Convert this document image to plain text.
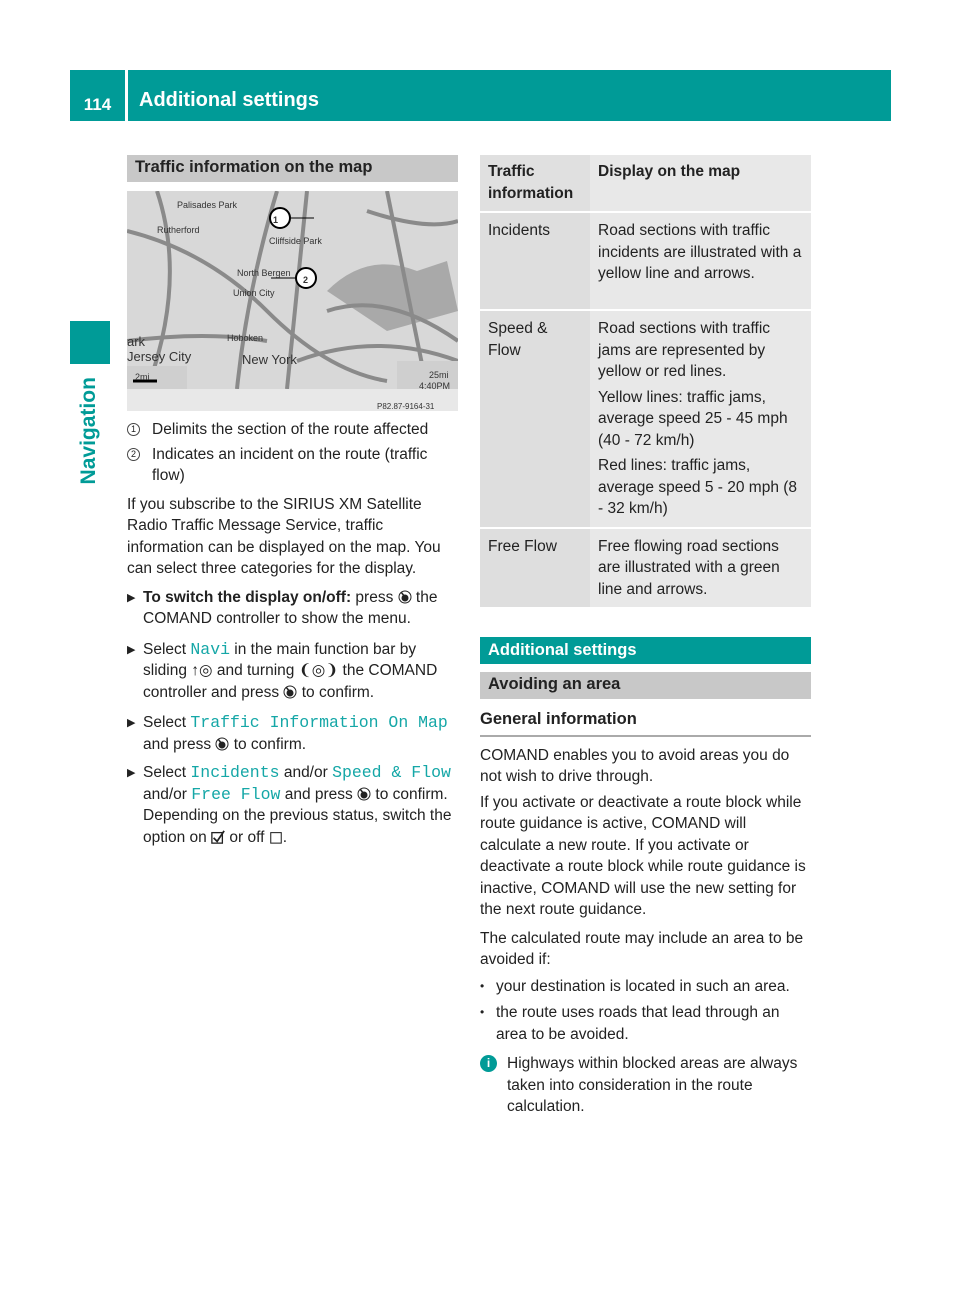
114	Additional settings
Navigation
Traffic information on the map
Palisades Park
Rutherford
Cliffside Park
North Bergen
Union City
Hoboken
Jersey City	New York
ark
2mi	25mi
4:40PM
1
2
P82.87-9164-31
1 Delimits the section of the route affected
2 Indicates an incident on the route (traffic flow)

If you subscribe to the SIRIUS XM Satellite Radio Traffic Message Service, traffic information can be displayed on the map. You can select three categories for the display.

▶ To switch the display on/off: press  the COMAND controller to show the menu.
▶ Select Navi in the main function bar by sliding ↑◎ and turning ❨◎❩ the COMAND controller and press  to confirm.
▶ Select Traffic Information On Map and press  to confirm.
▶ Select Incidents and/or Speed & Flow and/or Free Flow and press  to confirm.
Depending on the previous status, switch the option on  or off .
Traffic information	Display on the map
Incidents	Road sections with traffic incidents are illustrated with a yellow line and arrows.
Speed & Flow	Road sections with traffic jams are represented by yellow or red lines.
Yellow lines: traffic jams, average speed 25 - 45 mph (40 - 72 km/h)
Red lines: traffic jams, average speed 5 - 20 mph (8 - 32 km/h)

Free Flow	Free flowing road sections are illustrated with a green line and arrows.
Additional settings
Avoiding an area
General information

COMAND enables you to avoid areas you do not wish to drive through.

If you activate or deactivate a route block while route guidance is active, COMAND will calculate a new route. If you activate or deactivate a route block while route guidance is inactive, COMAND will use the new setting for the next route guidance.

The calculated route may include an area to be avoided if:

• your destination is located in such an area.
• the route uses roads that lead through an area to be avoided.
i	Highways within blocked areas are always taken into consideration in the route calculation.
